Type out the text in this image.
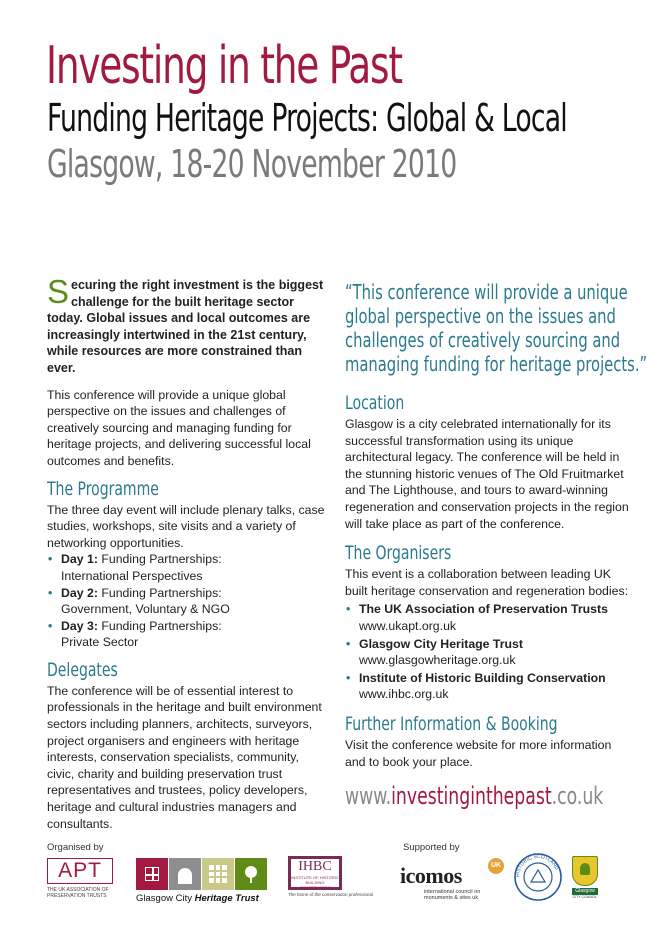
Investing in the Past
Funding Heritage Projects: Global & Local
Glasgow, 18-20 November 2010

Securing the right investment is the biggest challenge for the built heritage sector today. Global issues and local outcomes are increasingly intertwined in the 21st century, while resources are more constrained than ever.

This conference will provide a unique global perspective on the issues and challenges of creatively sourcing and managing funding for heritage projects, and delivering successful local outcomes and benefits.

The Programme

The three day event will include plenary talks, case studies, workshops, site visits and a variety of networking opportunities.

• Day 1: Funding Partnerships:
International Perspectives
• Day 2: Funding Partnerships:
Government, Voluntary & NGO
• Day 3: Funding Partnerships:
Private Sector
Delegates

The conference will be of essential interest to professionals in the heritage and built environment sectors including planners, architects, surveyors, project organisers and engineers with heritage interests, conservation specialists, community, civic, charity and building preservation trust representatives and trustees, policy developers, heritage and cultural industries managers and consultants.

“This conference will provide a unique
global perspective on the issues and
challenges of creatively sourcing and
managing funding for heritage projects.”
Location

Glasgow is a city celebrated internationally for its successful transformation using its unique architectural legacy. The conference will be held in the stunning historic venues of The Old Fruitmarket and The Lighthouse, and tours to award-winning regeneration and conservation projects in the region will take place as part of the conference.

The Organisers

This event is a collaboration between leading UK built heritage conservation and regeneration bodies:

• The UK Association of Preservation Trusts
www.ukapt.org.uk
• Glasgow City Heritage Trust
www.glasgowheritage.org.uk
• Institute of Historic Building Conservation
www.ihbc.org.uk
Further Information & Booking

Visit the conference website for more information and to book your place.

www.investinginthepast.co.uk
Organised by	Supported by
APT
THE UK ASSOCIATION OF
PRESERVATION TRUSTS	Glasgow City Heritage Trust
IHBC
INSTITUTE OF HISTORIC
BUILDING CONSERVATION
The home of the conservation professional
UK
icomos
international council on
monuments & sites uk
HISTORIC SCOTLAND
Glasgow
CITY COUNCIL
